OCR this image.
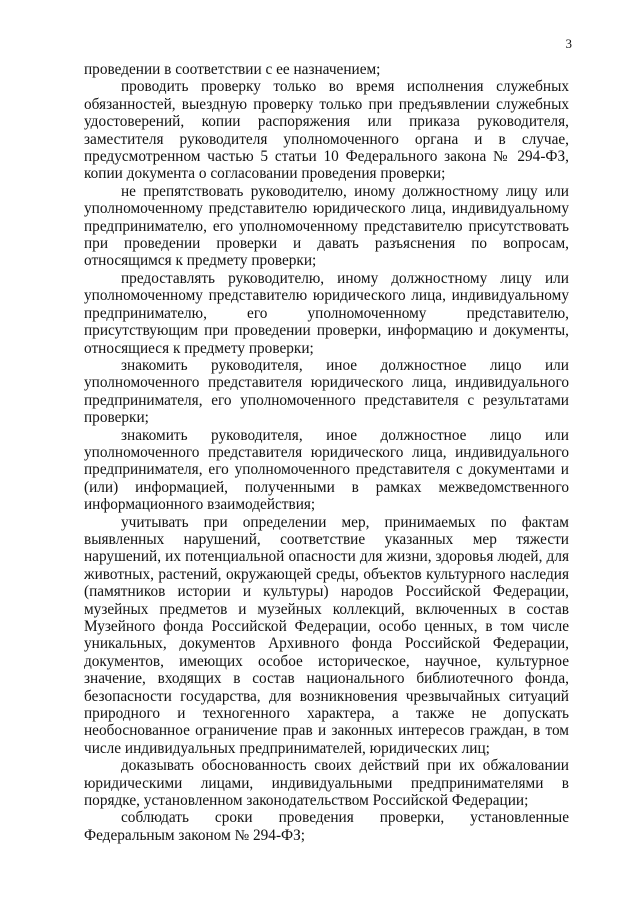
3

проведении в соответствии с ее назначением;

проводить проверку только во время исполнения служебных обязанностей, выездную проверку только при предъявлении служебных удостоверений, копии распоряжения или приказа руководителя, заместителя руководителя уполномоченного органа и в случае, предусмотренном частью 5 статьи 10 Федерального закона № 294-ФЗ, копии документа о согласовании проведения проверки;

не препятствовать руководителю, иному должностному лицу или уполномоченному представителю юридического лица, индивидуальному предпринимателю, его уполномоченному представителю присутствовать при проведении проверки и давать разъяснения по вопросам, относящимся к предмету проверки;

предоставлять руководителю, иному должностному лицу или уполномоченному представителю юридического лица, индивидуальному предпринимателю, его уполномоченному представителю, присутствующим при проведении проверки, информацию и документы, относящиеся к предмету проверки;

знакомить руководителя, иное должностное лицо или уполномоченного представителя юридического лица, индивидуального предпринимателя, его уполномоченного представителя с результатами проверки;

знакомить руководителя, иное должностное лицо или уполномоченного представителя юридического лица, индивидуального предпринимателя, его уполномоченного представителя с документами и (или) информацией, полученными в рамках межведомственного информационного взаимодействия;

учитывать при определении мер, принимаемых по фактам выявленных нарушений, соответствие указанных мер тяжести нарушений, их потенциальной опасности для жизни, здоровья людей, для животных, растений, окружающей среды, объектов культурного наследия (памятников истории и культуры) народов Российской Федерации, музейных предметов и музейных коллекций, включенных в состав Музейного фонда Российской Федерации, особо ценных, в том числе уникальных, документов Архивного фонда Российской Федерации, документов, имеющих особое историческое, научное, культурное значение, входящих в состав национального библиотечного фонда, безопасности государства, для возникновения чрезвычайных ситуаций природного и техногенного характера, а также не допускать необоснованное ограничение прав и законных интересов граждан, в том числе индивидуальных предпринимателей, юридических лиц;

доказывать обоснованность своих действий при их обжаловании юридическими лицами, индивидуальными предпринимателями в порядке, установленном законодательством Российской Федерации;

соблюдать сроки проведения проверки, установленные Федеральным законом № 294-ФЗ;
